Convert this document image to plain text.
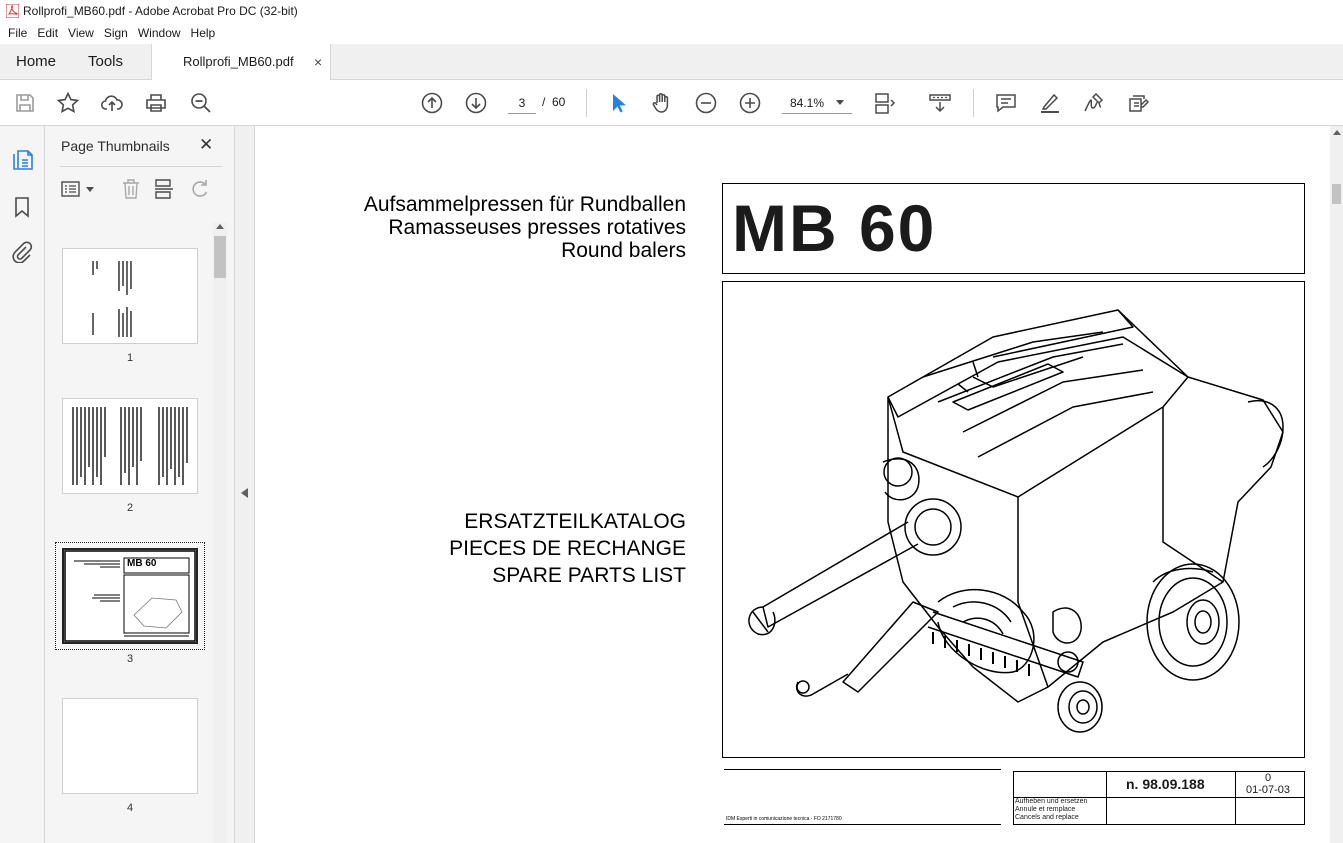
Rollprofi_MB60.pdf - Adobe Acrobat Pro DC (32-bit)
File Edit View Sign Window Help
Home Tools	Rollprofi_MB60.pdf ×
3	/ 60	84.1%
Page Thumbnails ✕
1
2
MB 60
3
4
Aufsammelpressen für Rundballen
Ramasseuses presses rotatives
Round balers MB 60
ERSATZTEILKATALOG
PIECES DE RECHANGE
SPARE PARTS LIST
IDM Esperti in comunicazione tecnica - FO 2171780
n. 98.09.188	0
01-07-03
Aufheben und ersetzen
Annule et remplace
Cancels and replace
